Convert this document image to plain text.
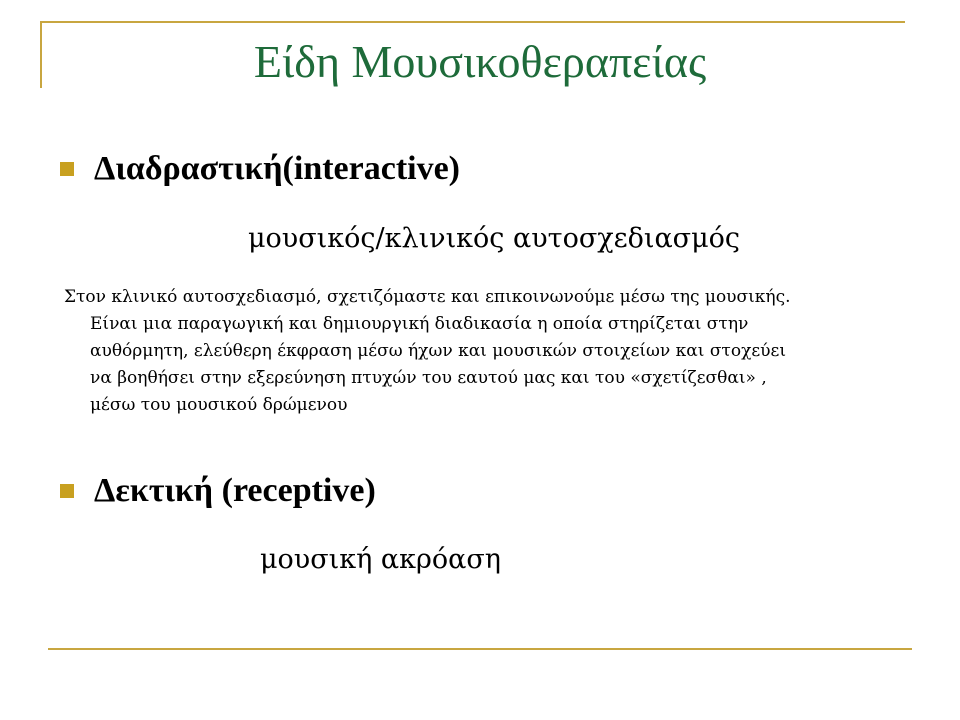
Είδη Μουσικοθεραπείας
Διαδραστική(interactive)
μουσικός/κλινικός αυτοσχεδιασμός
Στον κλινικό αυτοσχεδιασμό, σχετιζόμαστε και επικοινωνούμε μέσω της μουσικής.
Είναι μια παραγωγική και δημιουργική διαδικασία η οποία στηρίζεται στην
αυθόρμητη, ελεύθερη έκφραση μέσω ήχων και μουσικών στοιχείων και στοχεύει
να βοηθήσει στην εξερεύνηση πτυχών του εαυτού μας και του «σχετίζεσθαι» ,
μέσω του μουσικού δρώμενου
Δεκτική (receptive)
μουσική ακρόαση
